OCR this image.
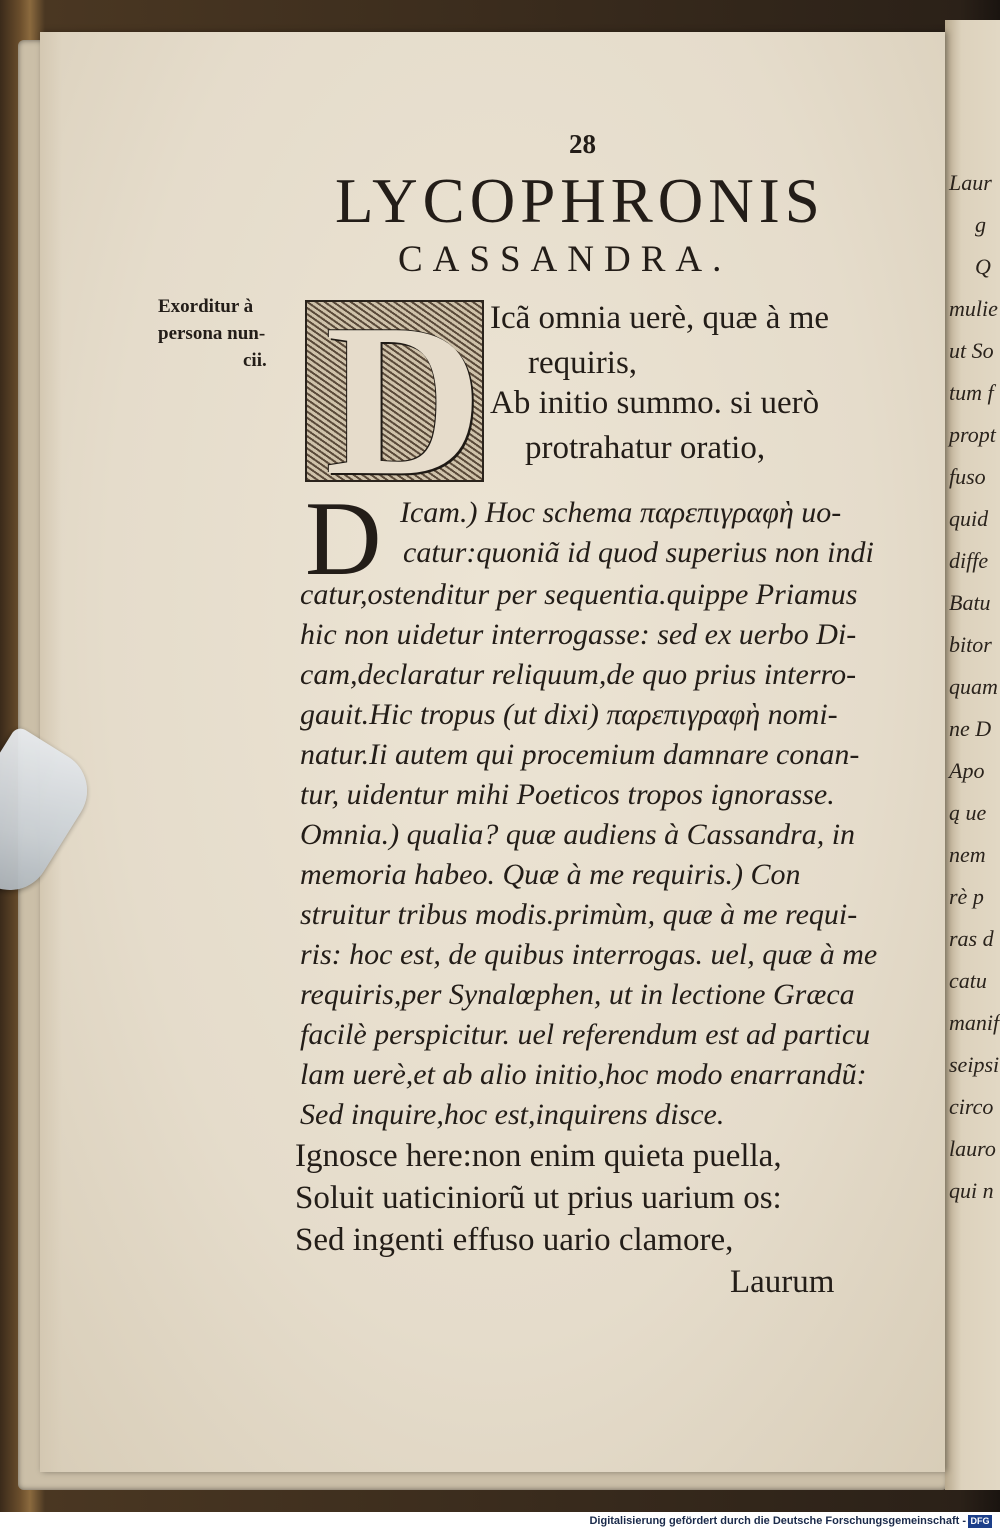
Laur
g
Q
mulie
ut So
tum f
propt
fuso
quid
diffe
Batu
bitor
quam
ne D
Apo
ą ue
nem
rè p
ras d
catu
manif
seipsi
circo
lauro
qui n
28
LYCOPHRONIS
CASSANDRA.
Exorditur à
persona nun-
cii. D Icã omnia uerè, quæ à me
requiris,
Ab initio summo. si uerò
protrahatur oratio,
D Icam.) Hoc schema παρεπιγραφὴ uo-
catur:quoniã id quod superius non indi
catur,ostenditur per sequentia.quippe Priamus
hic non uidetur interrogasse: sed ex uerbo Di-
cam,declaratur reliquum,de quo prius interro-
gauit.Hic tropus (ut dixi) παρεπιγραφὴ nomi-
natur.Ii autem qui procemium damnare conan-
tur, uidentur mihi Poeticos tropos ignorasse.
Omnia.) qualia? quæ audiens à Cassandra, in
memoria habeo. Quæ à me requiris.) Con
struitur tribus modis.primùm, quæ à me requi-
ris: hoc est, de quibus interrogas. uel, quæ à me
requiris,per Synalœphen, ut in lectione Græca
facilè perspicitur. uel referendum est ad particu
lam uerè,et ab alio initio,hoc modo enarrandũ:
Sed inquire,hoc est,inquirens disce.
Ignosce here:non enim quieta puella,
Soluit uaticiniorũ ut prius uarium os:
Sed ingenti effuso uario clamore,
Laurum
Digitalisierung gefördert durch die Deutsche Forschungsgemeinschaft - DFG
